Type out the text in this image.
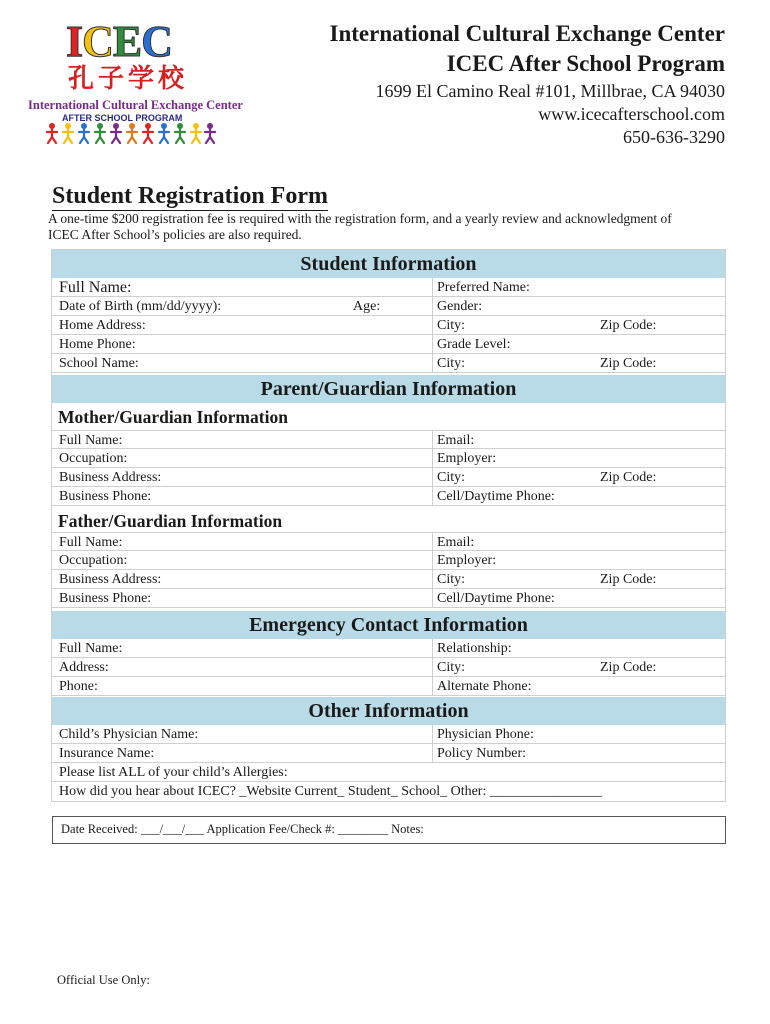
ICEC
孔子学校
International Cultural Exchange Center
AFTER SCHOOL PROGRAM
International Cultural Exchange Center
ICEC After School Program
1699 El Camino Real #101, Millbrae, CA 94030
www.icecafterschool.com
650-636-3290
Student Registration Form
A one-time $200 registration fee is required with the registration form, and a yearly review and acknowledgment of ICEC After School’s policies are also required.
Student Information
Full Name:	Preferred Name:
Date of Birth (mm/dd/yyyy):	Age:	Gender:
Home Address:	City:	Zip Code:
Home Phone:	Grade Level:
School Name:	City:	Zip Code:
Parent/Guardian Information
Mother/Guardian Information
Full Name:	Email:
Occupation:	Employer:
Business Address:	City:	Zip Code:
Business Phone:	Cell/Daytime Phone:
Father/Guardian Information
Full Name:	Email:
Occupation:	Employer:
Business Address:	City:	Zip Code:
Business Phone:	Cell/Daytime Phone:
Emergency Contact Information
Full Name:	Relationship:
Address:	City:	Zip Code:
Phone:	Alternate Phone:
Other Information
Child’s Physician Name:	Physician Phone:
Insurance Name:	Policy Number:
Please list ALL of your child’s Allergies:
How did you hear about ICEC? _Website Current_ Student_ School_ Other: ________________
Date Received: ___/___/___ Application Fee/Check #: ________ Notes:
Official Use Only:
